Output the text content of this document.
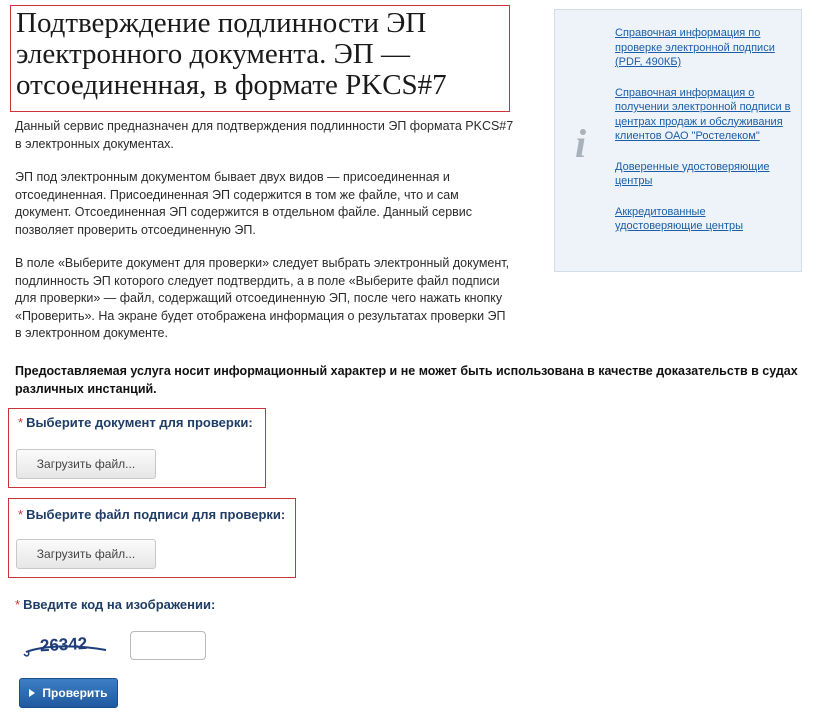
Подтверждение подлинности ЭП электронного документа. ЭП — отсоединенная, в формате PKCS#7

Данный сервис предназначен для подтверждения подлинности ЭП формата PKCS#7 в электронных документах.

ЭП под электронным документом бывает двух видов — присоединенная и отсоединенная. Присоединенная ЭП содержится в том же файле, что и сам документ. Отсоединенная ЭП содержится в отдельном файле. Данный сервис позволяет проверить отсоединенную ЭП.

В поле «Выберите документ для проверки» следует выбрать электронный документ, подлинность ЭП которого следует подтвердить, а в поле «Выберите файл подписи для проверки» — файл, содержащий отсоединенную ЭП, после чего нажать кнопку «Проверить». На экране будет отображена информация о результатах проверки ЭП в электронном документе.

Предоставляемая услуга носит информационный характер и не может быть использована в качестве доказательств в судах различных инстанций.
i
Справочная информация по проверке электронной подписи (PDF, 490КБ)
Справочная информация о получении электронной подписи в центрах продаж и обслуживания клиентов ОАО "Ростелеком"
Доверенные удостоверяющие центры
Аккредитованные удостоверяющие центры
* Выберите документ для проверки:
Загрузить файл...
* Выберите файл подписи для проверки:
Загрузить файл...
* Введите код на изображении:
26342
Проверить
